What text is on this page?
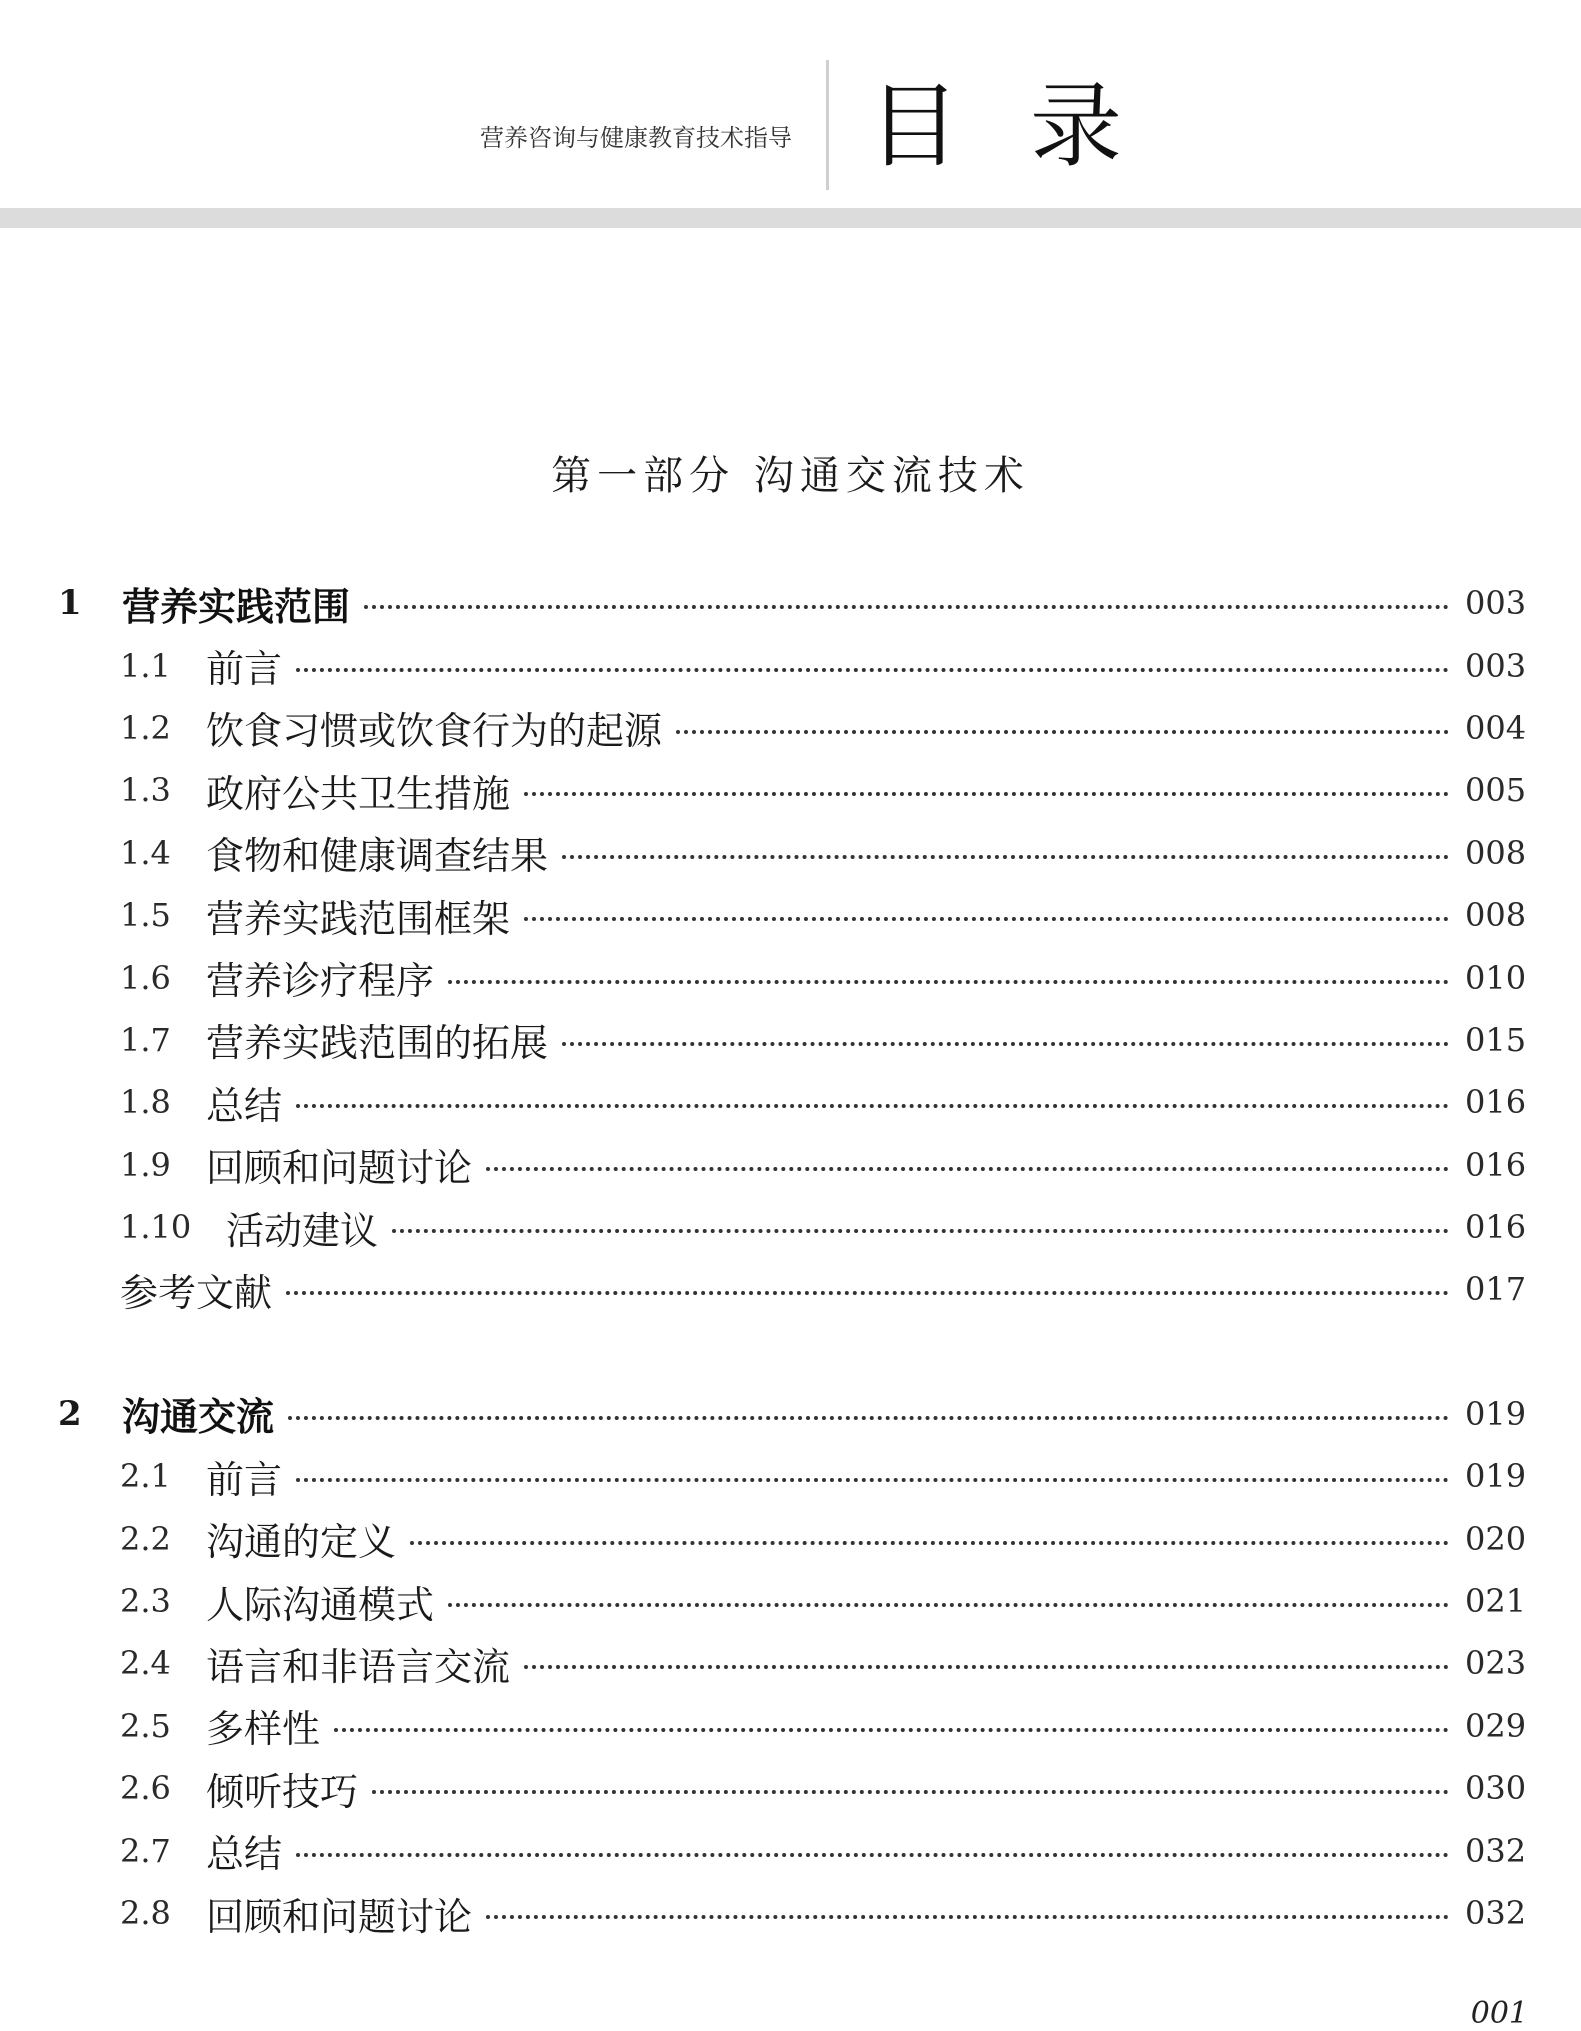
营养咨询与健康教育技术指导 目录
第一部分 沟通交流技术
1	营养实践范围	003
1.1 前言	003
1.2 饮食习惯或饮食行为的起源	004
1.3 政府公共卫生措施	005
1.4 食物和健康调查结果	008
1.5 营养实践范围框架	008
1.6 营养诊疗程序	010
1.7 营养实践范围的拓展	015
1.8 总结	016
1.9 回顾和问题讨论	016
1.10 活动建议	016
参考文献	017
2	沟通交流	019
2.1 前言	019
2.2 沟通的定义	020
2.3 人际沟通模式	021
2.4 语言和非语言交流	023
2.5 多样性	029
2.6 倾听技巧	030
2.7 总结	032
2.8 回顾和问题讨论	032
001
